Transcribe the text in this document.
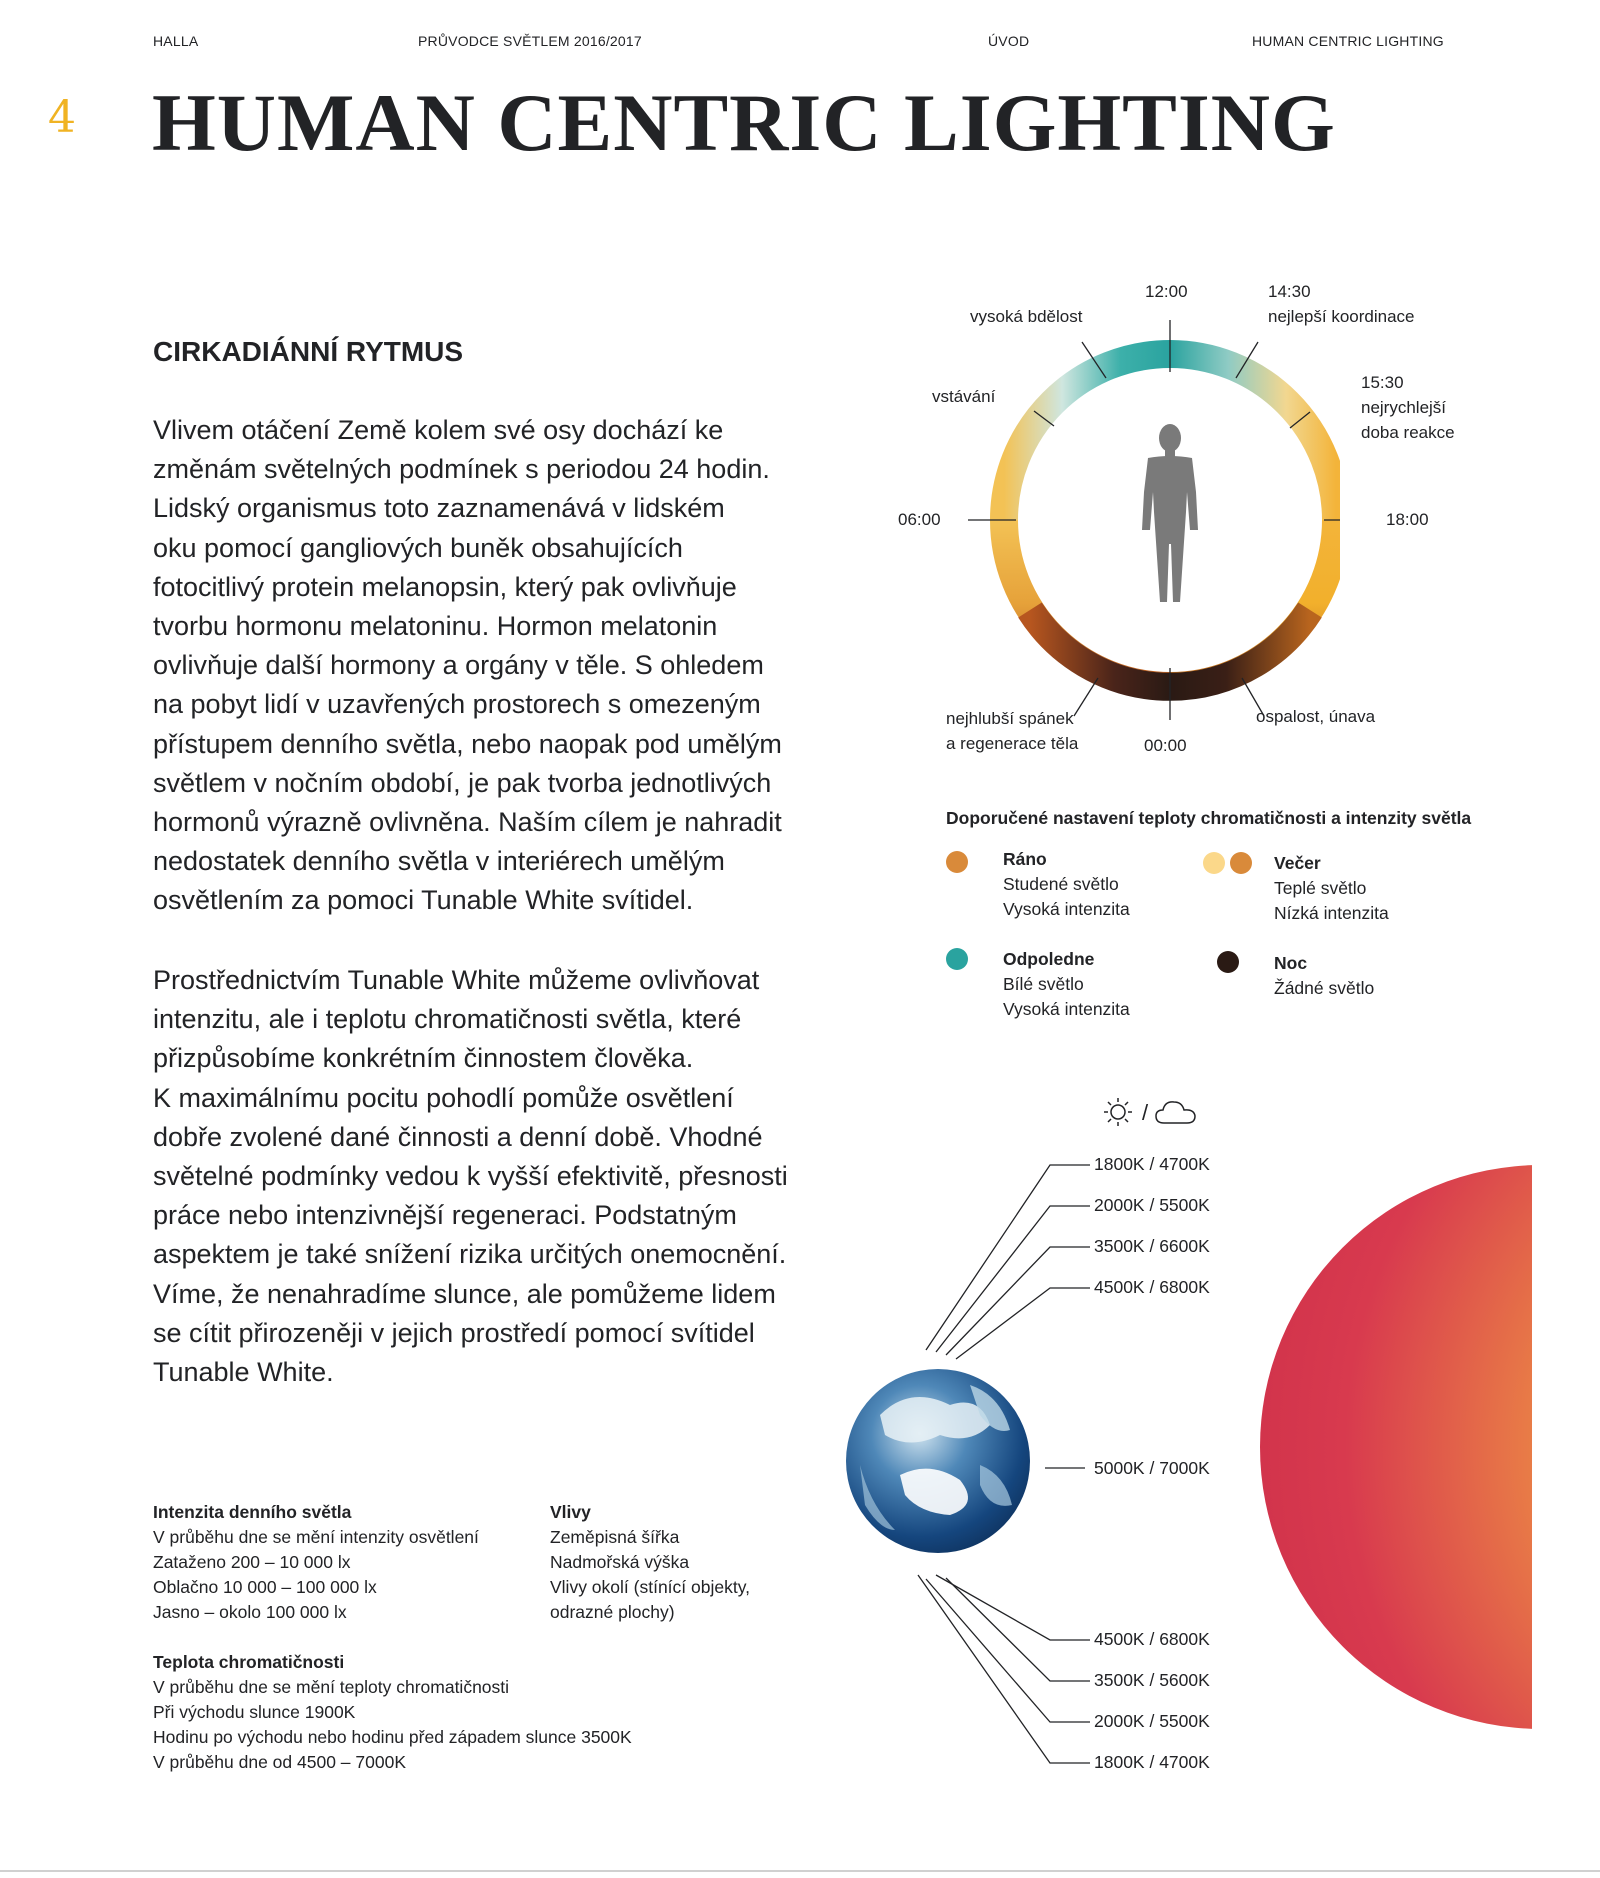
HALLA	PRŮVODCE SVĚTLEM 2016/2017	ÚVOD	HUMAN CENTRIC LIGHTING
4 HUMAN CENTRIC LIGHTING
CIRKADIÁNNÍ RYTMUS
Vlivem otáčení Země kolem své osy dochází ke
změnám světelných podmínek s periodou 24 hodin.
Lidský organismus toto zaznamenává v lidském
oku pomocí gangliových buněk obsahujících
fotocitlivý protein melanopsin, který pak ovlivňuje
tvorbu hormonu melatoninu. Hormon melatonin
ovlivňuje další hormony a orgány v těle. S ohledem
na pobyt lidí v uzavřených prostorech s omezeným
přístupem denního světla, nebo naopak pod umělým
světlem v nočním období, je pak tvorba jednotlivých
hormonů výrazně ovlivněna. Naším cílem je nahradit
nedostatek denního světla v interiérech umělým
osvětlením za pomoci Tunable White svítidel.
Prostřednictvím Tunable White můžeme ovlivňovat
intenzitu, ale i teplotu chromatičnosti světla, které
přizpůsobíme konkrétním činnostem člověka.
K maximálnímu pocitu pohodlí pomůže osvětlení
dobře zvolené dané činnosti a denní době. Vhodné
světelné podmínky vedou k vyšší efektivitě, přesnosti
práce nebo intenzivnější regeneraci. Podstatným
aspektem je také snížení rizika určitých onemocnění.
Víme, že nenahradíme slunce, ale pomůžeme lidem
se cítit přirozeněji v jejich prostředí pomocí svítidel
Tunable White.
Intenzita denního světla
V průběhu dne se mění intenzity osvětlení
Zataženo 200 – 10 000 lx
Oblačno 10 000 – 100 000 lx
Jasno – okolo 100 000 lx
Vlivy
Zeměpisná šířka
Nadmořská výška
Vlivy okolí (stínící objekty,
odrazné plochy)
Teplota chromatičnosti
V průběhu dne se mění teploty chromatičnosti
Při východu slunce 1900K
Hodinu po východu nebo hodinu před západem slunce 3500K
V průběhu dne od 4500 – 7000K
12:00	14:30
nejlepší koordinace
vysoká bdělost
vstávání
15:30
nejrychlejší
doba reakce
06:00	18:00
nejhlubší spánek
a regenerace těla	00:00
ospalost, únava
Doporučené nastavení teploty chromatičnosti a intenzity světla
Ráno
Studené světlo
Vysoká intenzita
Večer
Teplé světlo
Nízká intenzita
Odpoledne
Bílé světlo
Vysoká intenzita
Noc
Žádné světlo
/
1800K / 4700K
2000K / 5500K
3500K / 6600K
4500K / 6800K
5000K / 7000K
4500K / 6800K
3500K / 5600K
2000K / 5500K
1800K / 4700K
